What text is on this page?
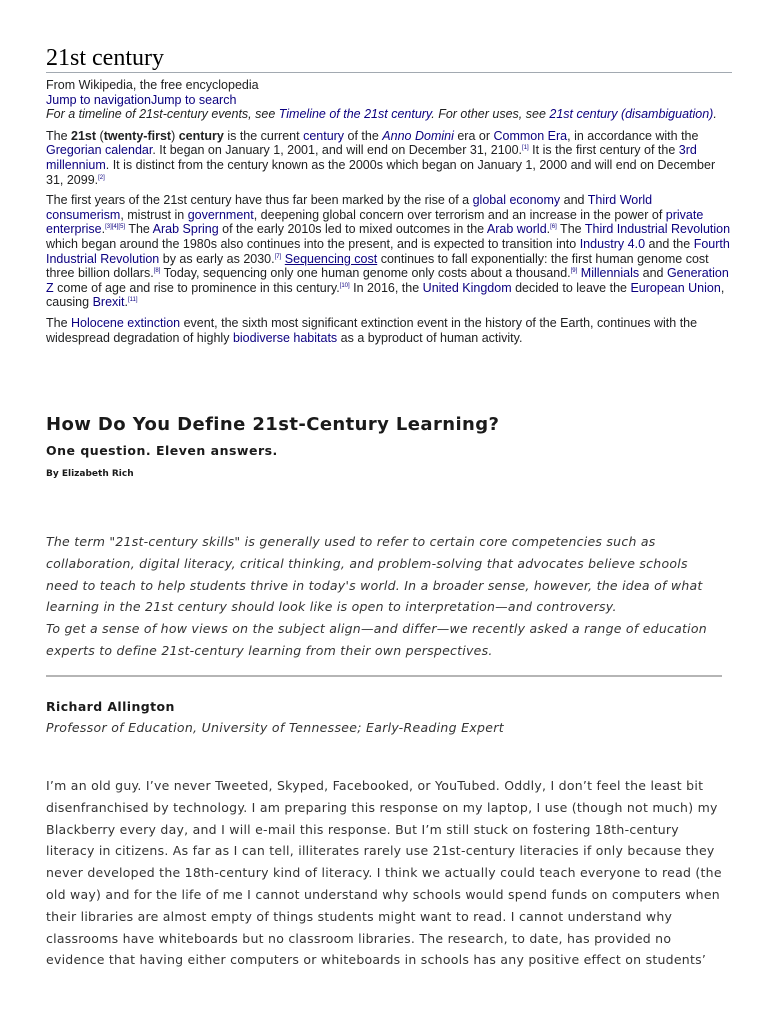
21st century
From Wikipedia, the free encyclopedia
Jump to navigationJump to search
For a timeline of 21st-century events, see Timeline of the 21st century. For other uses, see 21st century (disambiguation).

The 21st (twenty-first) century is the current century of the Anno Domini era or Common Era, in accordance with the Gregorian calendar. It began on January 1, 2001, and will end on December 31, 2100.[1] It is the first century of the 3rd millennium. It is distinct from the century known as the 2000s which began on January 1, 2000 and will end on December 31, 2099.[2]

The first years of the 21st century have thus far been marked by the rise of a global economy and Third World consumerism, mistrust in government, deepening global concern over terrorism and an increase in the power of private enterprise.[3][4][5] The Arab Spring of the early 2010s led to mixed outcomes in the Arab world.[6] The Third Industrial Revolution which began around the 1980s also continues into the present, and is expected to transition into Industry 4.0 and the Fourth Industrial Revolution by as early as 2030.[7] Sequencing cost continues to fall exponentially: the first human genome cost three billion dollars.[8] Today, sequencing only one human genome only costs about a thousand.[9] Millennials and Generation Z come of age and rise to prominence in this century.[10] In 2016, the United Kingdom decided to leave the European Union, causing Brexit.[11]

The Holocene extinction event, the sixth most significant extinction event in the history of the Earth, continues with the widespread degradation of highly biodiverse habitats as a byproduct of human activity.

How Do You Define 21st-Century Learning?
One question. Eleven answers.
By Elizabeth Rich

The term "21st-century skills" is generally used to refer to certain core competencies such as collaboration, digital literacy, critical thinking, and problem-solving that advocates believe schools need to teach to help students thrive in today's world. In a broader sense, however, the idea of what learning in the 21st century should look like is open to interpretation—and controversy.

To get a sense of how views on the subject align—and differ—we recently asked a range of education experts to define 21st-century learning from their own perspectives.

Richard Allington
Professor of Education, University of Tennessee; Early-Reading Expert

I’m an old guy. I’ve never Tweeted, Skyped, Facebooked, or YouTubed. Oddly, I don’t feel the least bit disenfranchised by technology. I am preparing this response on my laptop, I use (though not much) my Blackberry every day, and I will e-mail this response. But I’m still stuck on fostering 18th-century literacy in citizens. As far as I can tell, illiterates rarely use 21st-century literacies if only because they never developed the 18th-century kind of literacy. I think we actually could teach everyone to read (the old way) and for the life of me I cannot understand why schools would spend funds on computers when their libraries are almost empty of things students might want to read. I cannot understand why classrooms have whiteboards but no classroom libraries. The research, to date, has provided no evidence that having either computers or whiteboards in schools has any positive effect on students’
